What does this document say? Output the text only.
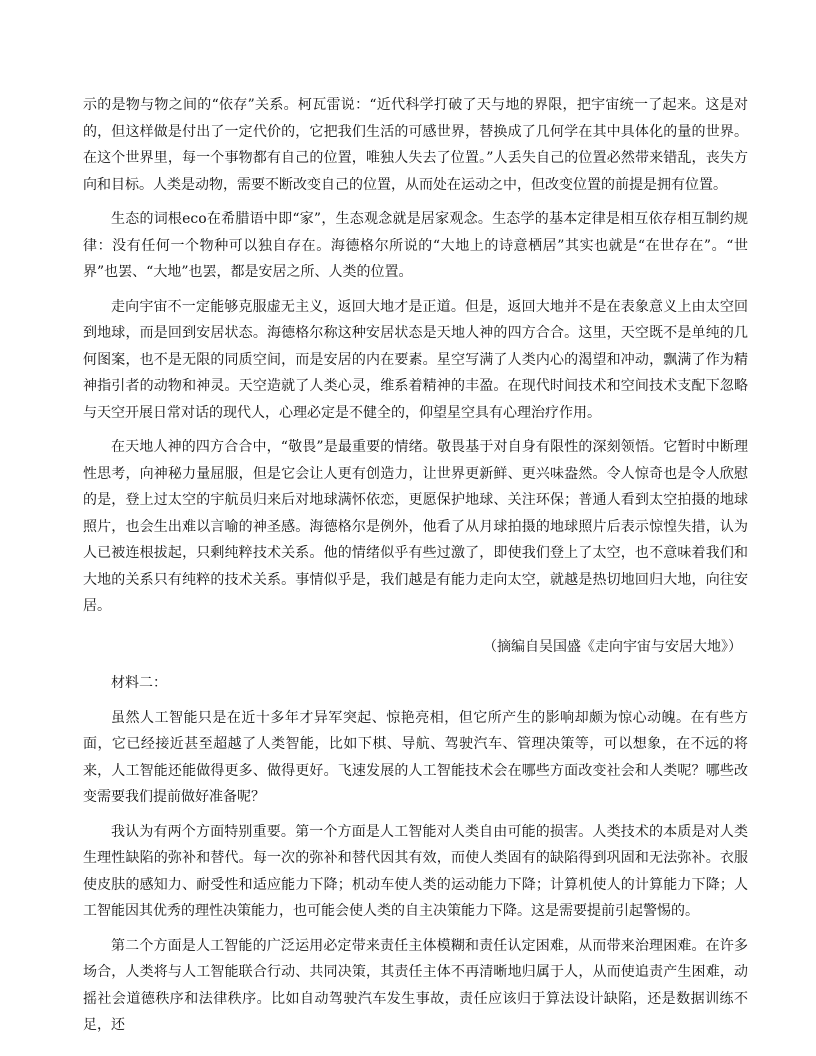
示的是物与物之间的“依存”关系。柯瓦雷说：“近代科学打破了天与地的界限，把宇宙统一了起来。这是对的，但这样做是付出了一定代价的，它把我们生活的可感世界，替换成了几何学在其中具体化的量的世界。在这个世界里，每一个事物都有自己的位置，唯独人失去了位置。”人丢失自己的位置必然带来错乱，丧失方向和目标。人类是动物，需要不断改变自己的位置，从而处在运动之中，但改变位置的前提是拥有位置。

生态的词根eco在希腊语中即“家”，生态观念就是居家观念。生态学的基本定律是相互依存相互制约规律：没有任何一个物种可以独自存在。海德格尔所说的“大地上的诗意栖居”其实也就是“在世存在”。“世界”也罢、“大地”也罢，都是安居之所、人类的位置。

走向宇宙不一定能够克服虚无主义，返回大地才是正道。但是，返回大地并不是在表象意义上由太空回到地球，而是回到安居状态。海德格尔称这种安居状态是天地人神的四方合合。这里，天空既不是单纯的几何图案，也不是无限的同质空间，而是安居的内在要素。星空写满了人类内心的渴望和冲动，飘满了作为精神指引者的动物和神灵。天空造就了人类心灵，维系着精神的丰盈。在现代时间技术和空间技术支配下忽略与天空开展日常对话的现代人，心理必定是不健全的，仰望星空具有心理治疗作用。

在天地人神的四方合合中，“敬畏”是最重要的情绪。敬畏基于对自身有限性的深刻领悟。它暂时中断理性思考，向神秘力量屈服，但是它会让人更有创造力，让世界更新鲜、更兴味盎然。令人惊奇也是令人欣慰的是，登上过太空的宇航员归来后对地球满怀依恋，更愿保护地球、关注环保；普通人看到太空拍摄的地球照片，也会生出难以言喻的神圣感。海德格尔是例外，他看了从月球拍摄的地球照片后表示惊惶失措，认为人已被连根拔起，只剩纯粹技术关系。他的情绪似乎有些过激了，即使我们登上了太空，也不意味着我们和大地的关系只有纯粹的技术关系。事情似乎是，我们越是有能力走向太空，就越是热切地回归大地，向往安居。

（摘编自吴国盛《走向宇宙与安居大地》）

材料二：

虽然人工智能只是在近十多年才异军突起、惊艳亮相，但它所产生的影响却颇为惊心动魄。在有些方面，它已经接近甚至超越了人类智能，比如下棋、导航、驾驶汽车、管理决策等，可以想象，在不远的将来，人工智能还能做得更多、做得更好。飞速发展的人工智能技术会在哪些方面改变社会和人类呢？哪些改变需要我们提前做好准备呢？

我认为有两个方面特别重要。第一个方面是人工智能对人类自由可能的损害。人类技术的本质是对人类生理性缺陷的弥补和替代。每一次的弥补和替代因其有效，而使人类固有的缺陷得到巩固和无法弥补。衣服使皮肤的感知力、耐受性和适应能力下降；机动车使人类的运动能力下降；计算机使人的计算能力下降；人工智能因其优秀的理性决策能力，也可能会使人类的自主决策能力下降。这是需要提前引起警惕的。

第二个方面是人工智能的广泛运用必定带来责任主体模糊和责任认定困难，从而带来治理困难。在许多场合，人类将与人工智能联合行动、共同决策，其责任主体不再清晰地归属于人，从而使追责产生困难，动摇社会道德秩序和法律秩序。比如自动驾驶汽车发生事故，责任应该归于算法设计缺陷，还是数据训练不足，还
